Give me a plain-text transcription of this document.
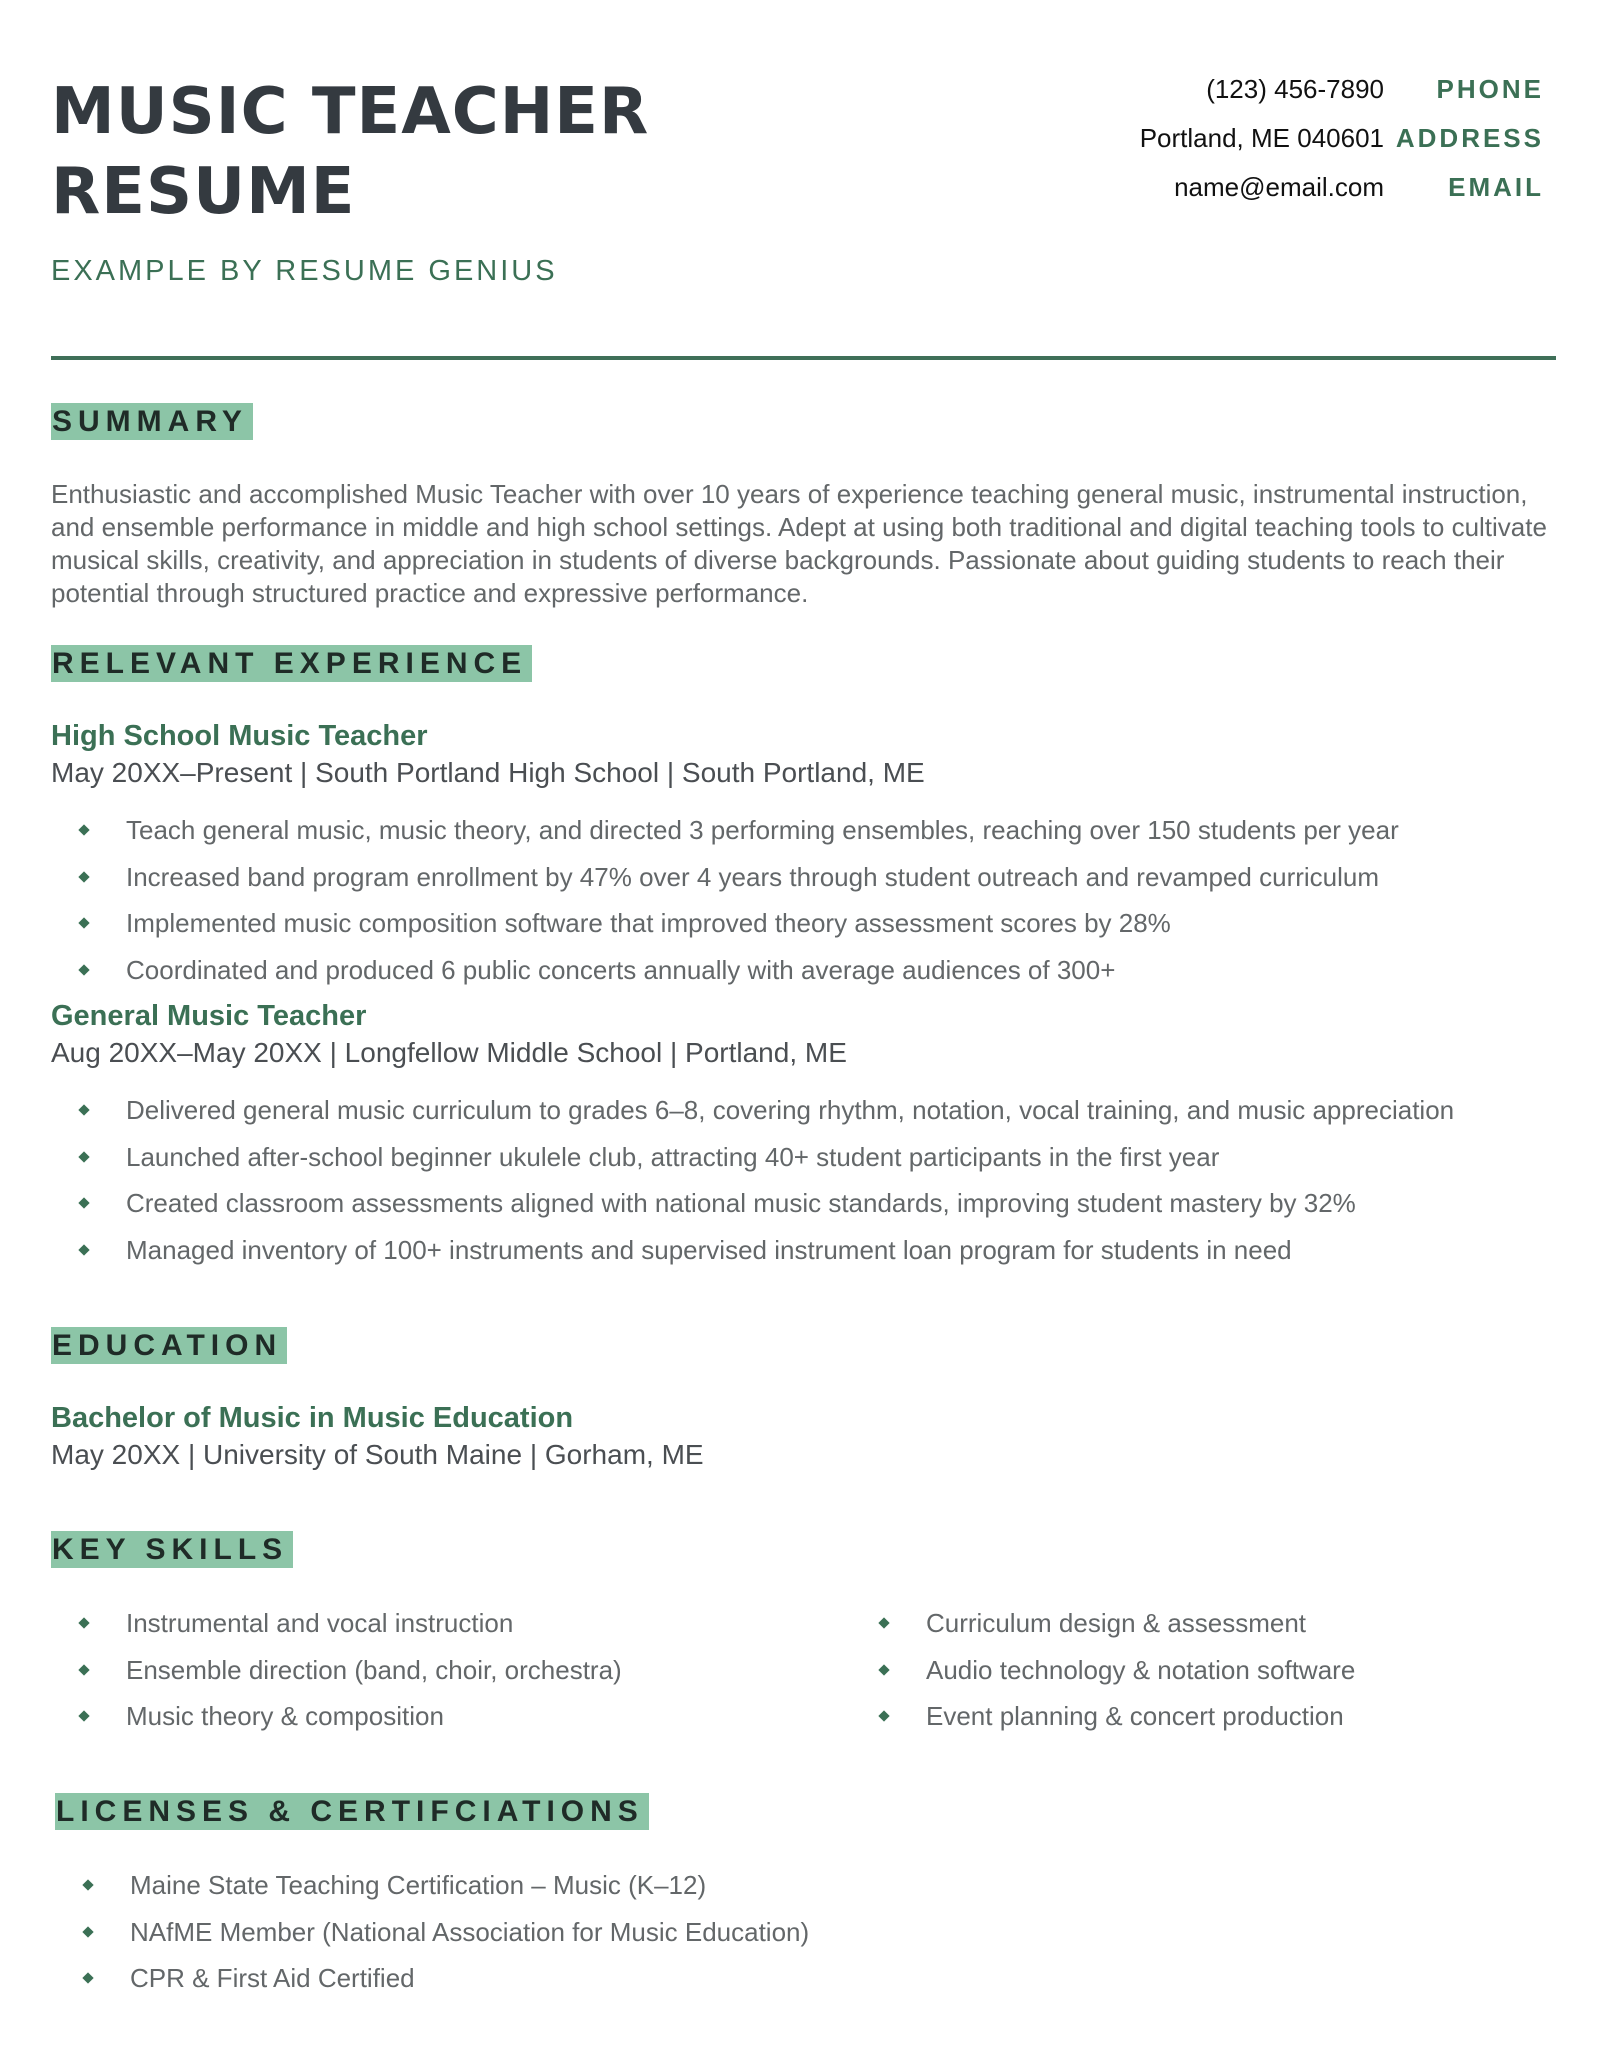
MUSIC TEACHER
RESUME
EXAMPLE BY RESUME GENIUS
(123) 456-7890	PHONE
Portland, ME 040601 ADDRESS
name@email.com	EMAIL
SUMMARY

Enthusiastic and accomplished Music Teacher with over 10 years of experience teaching general music, instrumental instruction, and ensemble performance in middle and high school settings. Adept at using both traditional and digital teaching tools to cultivate musical skills, creativity, and appreciation in students of diverse backgrounds. Passionate about guiding students to reach their potential through structured practice and expressive performance.

RELEVANT EXPERIENCE
High School Music Teacher
May 20XX–Present | South Portland High School | South Portland, ME
Teach general music, music theory, and directed 3 performing ensembles, reaching over 150 students per year
Increased band program enrollment by 47% over 4 years through student outreach and revamped curriculum
Implemented music composition software that improved theory assessment scores by 28%
Coordinated and produced 6 public concerts annually with average audiences of 300+
General Music Teacher
Aug 20XX–May 20XX | Longfellow Middle School | Portland, ME
Delivered general music curriculum to grades 6–8, covering rhythm, notation, vocal training, and music appreciation
Launched after-school beginner ukulele club, attracting 40+ student participants in the first year
Created classroom assessments aligned with national music standards, improving student mastery by 32%
Managed inventory of 100+ instruments and supervised instrument loan program for students in need
EDUCATION
Bachelor of Music in Music Education
May 20XX | University of South Maine | Gorham, ME
KEY SKILLS
Instrumental and vocal instruction
Ensemble direction (band, choir, orchestra)
Music theory & composition
Curriculum design & assessment
Audio technology & notation software
Event planning & concert production
LICENSES & CERTIFCIATIONS
Maine State Teaching Certification – Music (K–12)
NAfME Member (National Association for Music Education)
CPR & First Aid Certified
